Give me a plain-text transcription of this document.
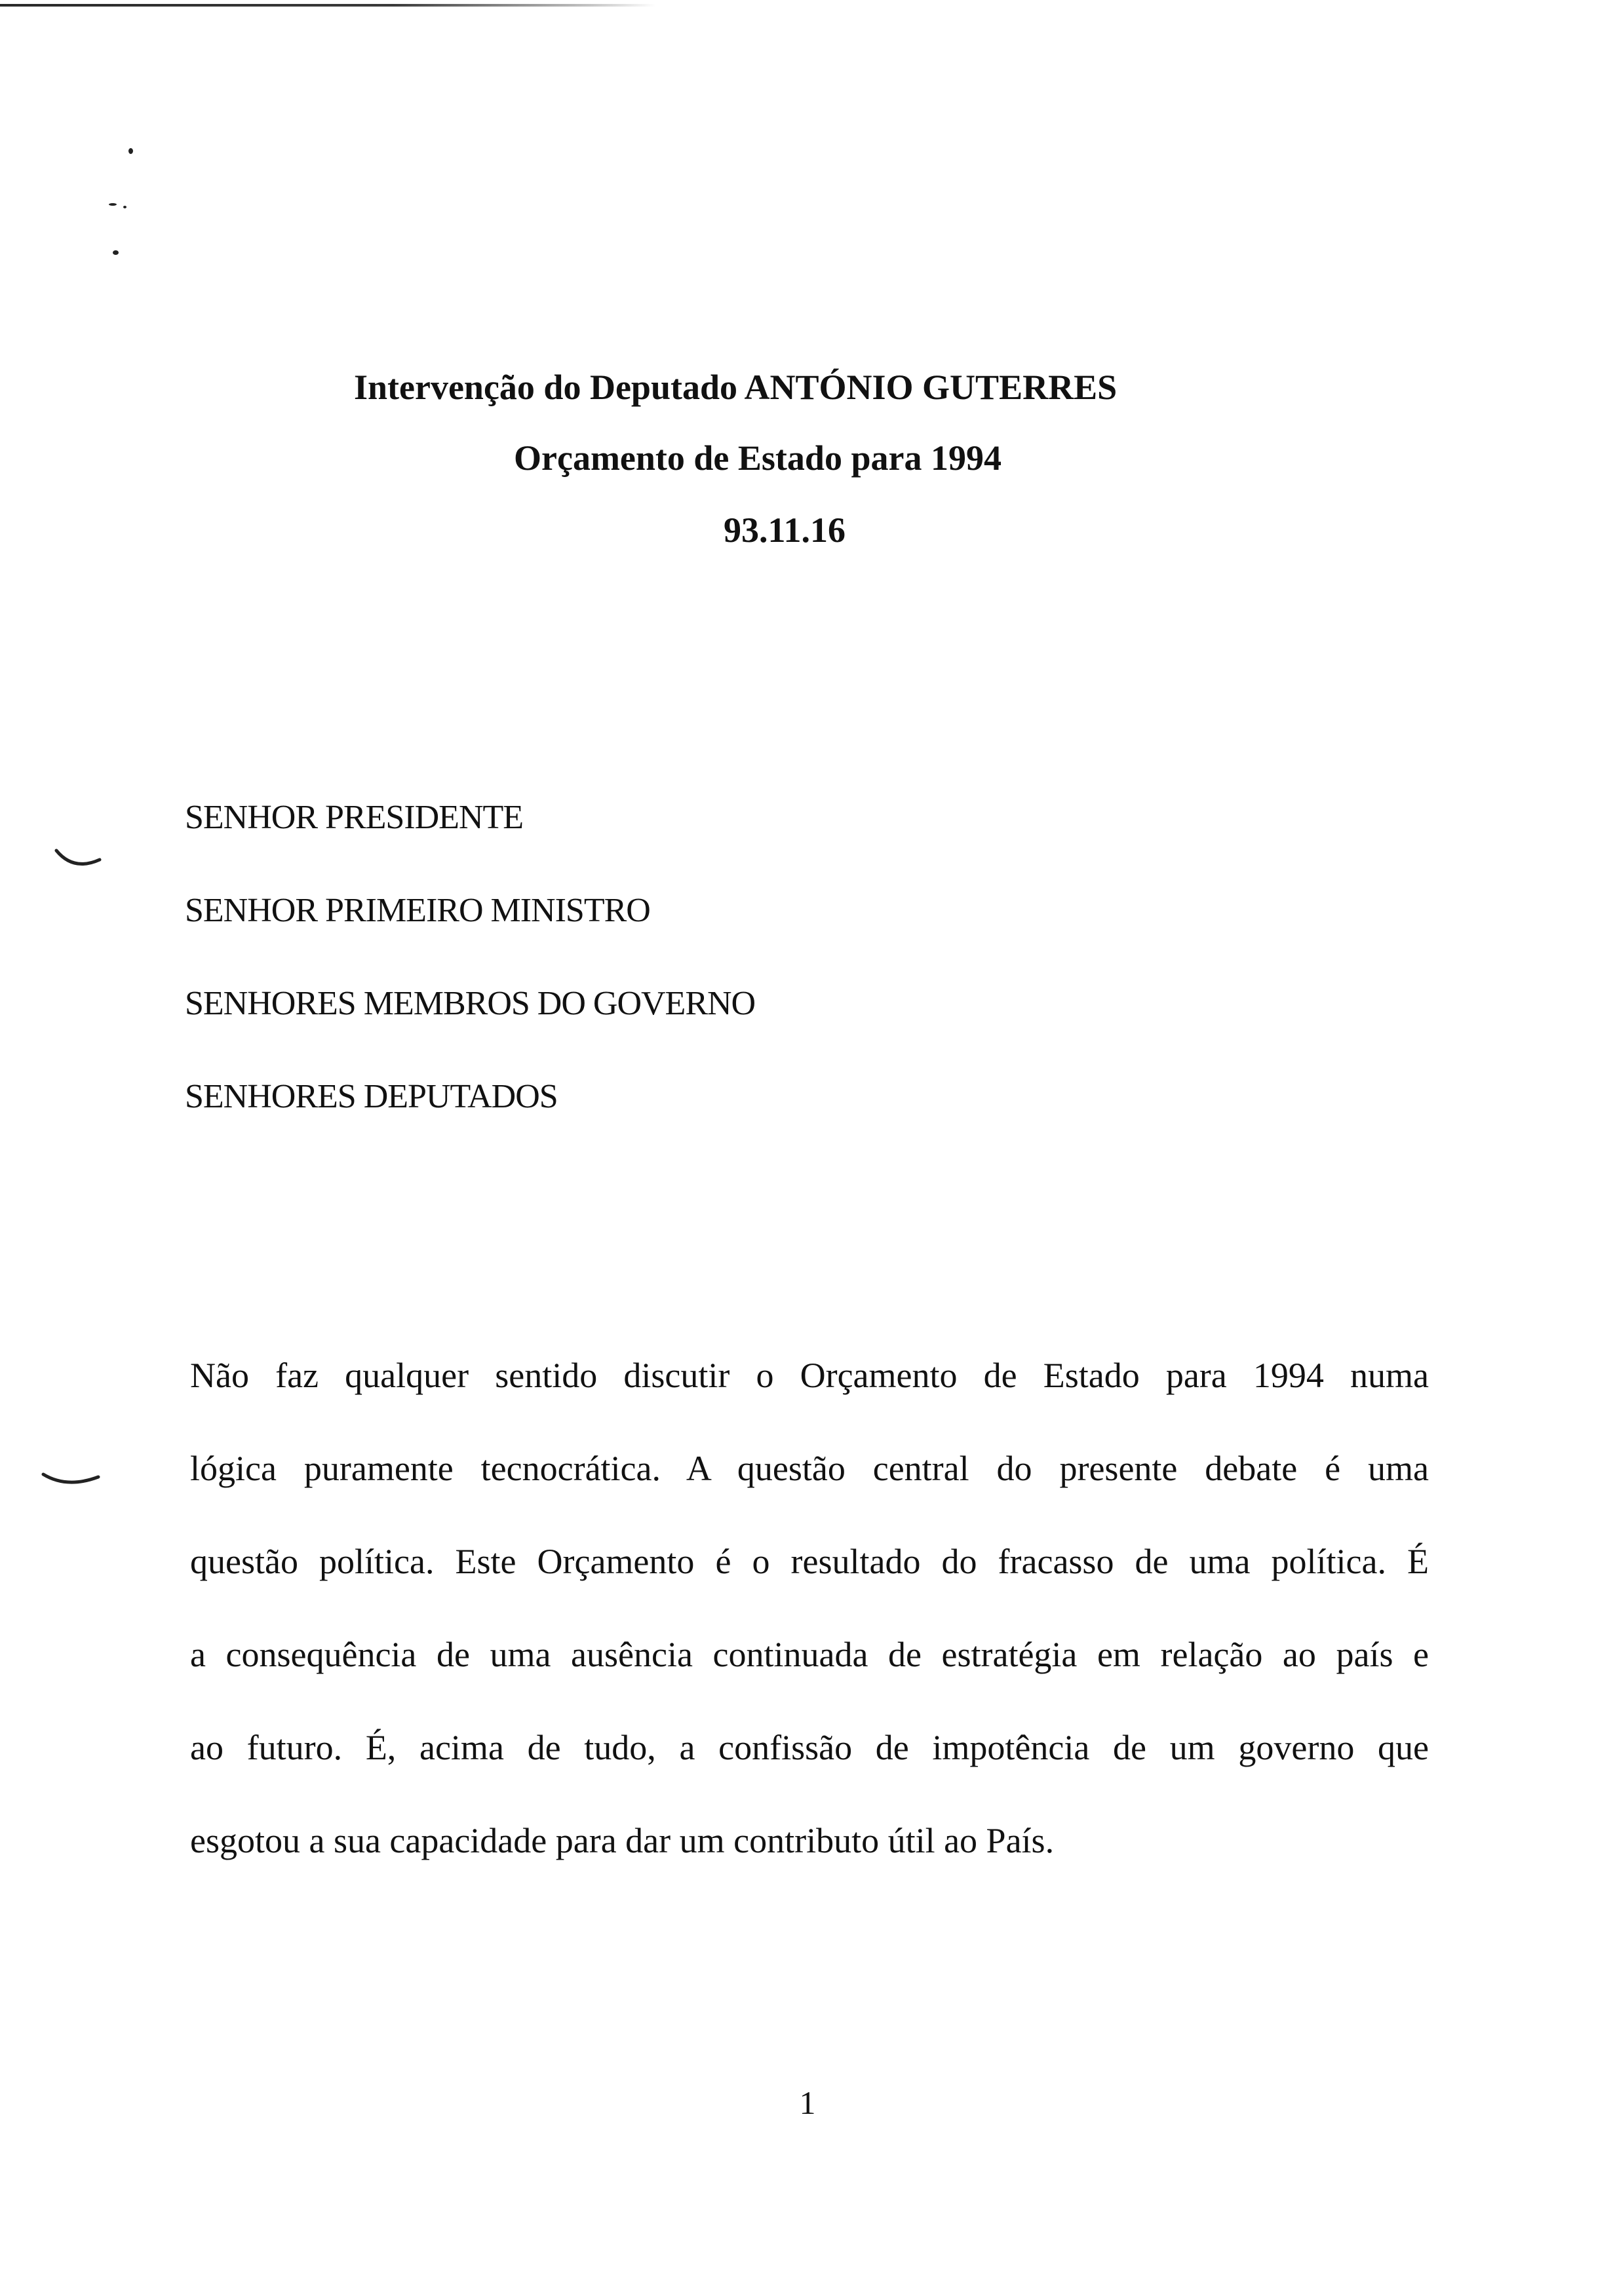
Intervenção do Deputado ANTÓNIO GUTERRES
Orçamento de Estado para 1994
93.11.16
SENHOR PRESIDENTE
SENHOR PRIMEIRO MINISTRO
SENHORES MEMBROS DO GOVERNO
SENHORES DEPUTADOS
Não faz qualquer sentido discutir o Orçamento de Estado para 1994 numa
lógica puramente tecnocrática. A questão central do presente debate é uma
questão política. Este Orçamento é o resultado do fracasso de uma política. É
a consequência de uma ausência continuada de estratégia em relação ao país e
ao futuro. É, acima de tudo, a confissão de impotência de um governo que
esgotou a sua capacidade para dar um contributo útil ao País.
1
